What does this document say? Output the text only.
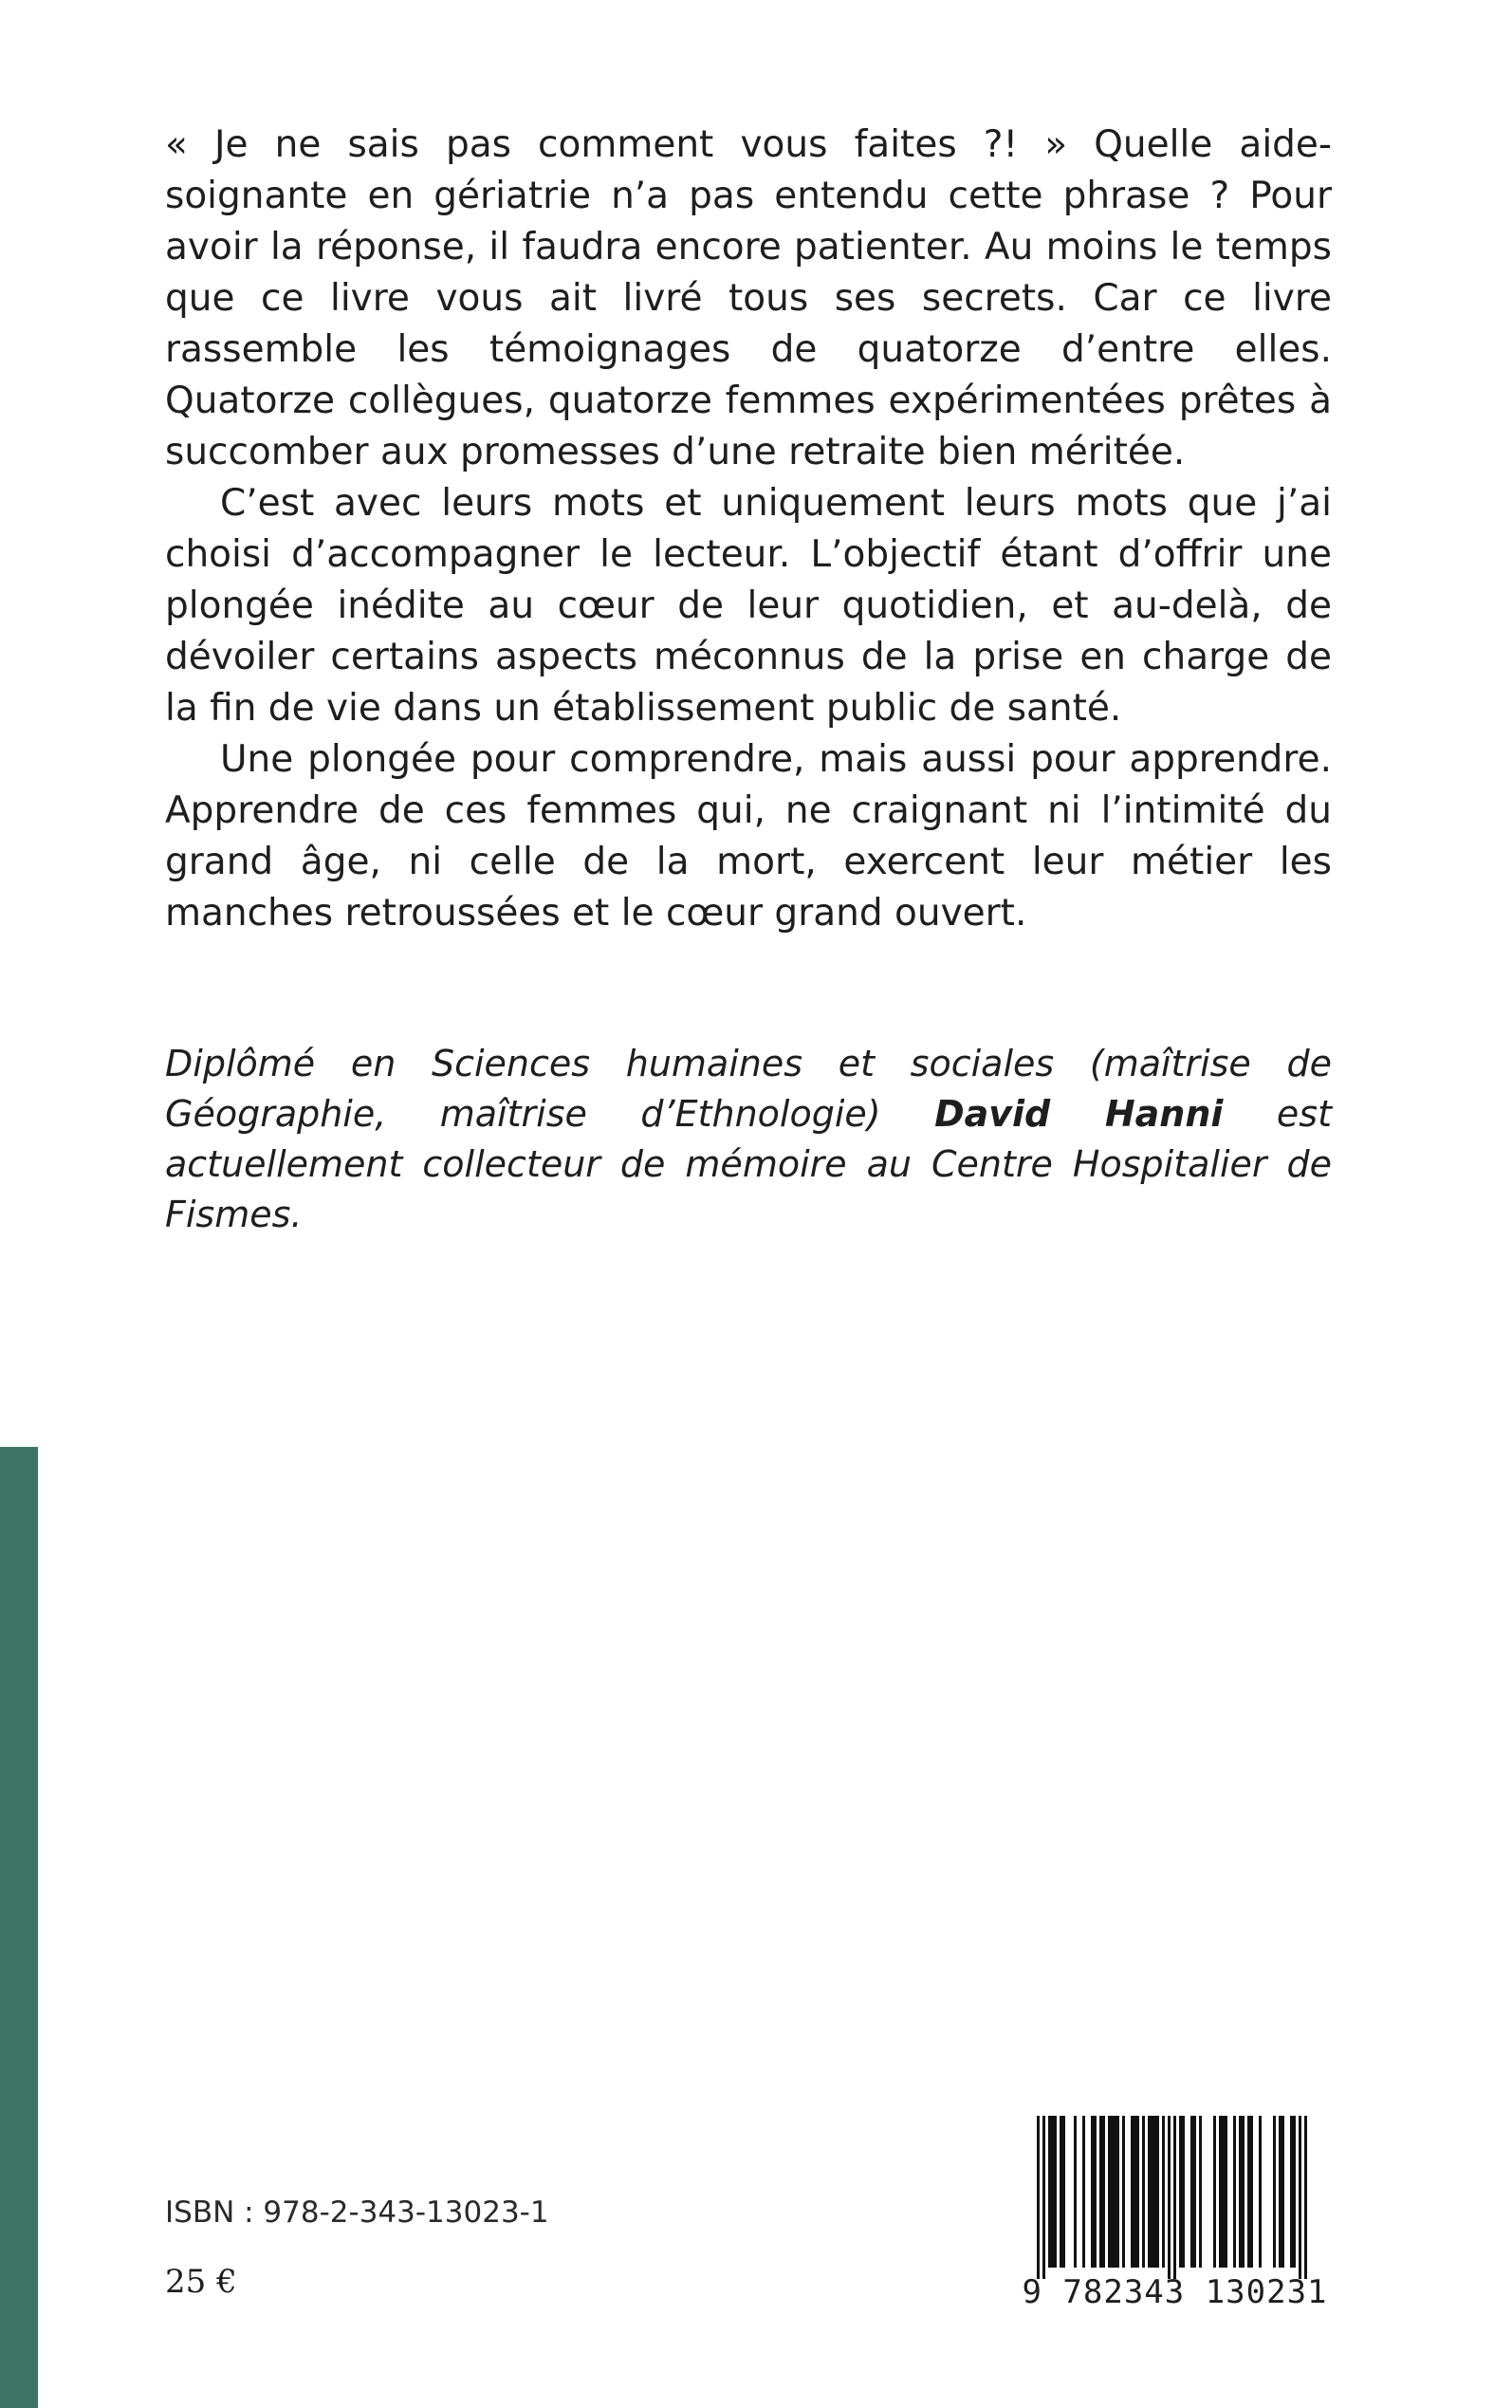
« Je ne sais pas comment vous faites ?! » Quelle aide-soignante en gériatrie n’a pas entendu cette phrase ? Pour avoir la réponse, il faudra encore patienter. Au moins le temps que ce livre vous ait livré tous ses secrets. Car ce livre rassemble les témoignages de quatorze d’entre elles. Quatorze collègues, quatorze femmes expérimentées prêtes à succomber aux promesses d’une retraite bien méritée.

C’est avec leurs mots et uniquement leurs mots que j’ai choisi d’accompagner le lecteur. L’objectif étant d’offrir une plongée inédite au cœur de leur quotidien, et au-delà, de dévoiler certains aspects méconnus de la prise en charge de la fin de vie dans un établissement public de santé.

Une plongée pour comprendre, mais aussi pour apprendre. Apprendre de ces femmes qui, ne craignant ni l’intimité du grand âge, ni celle de la mort, exercent leur métier les manches retroussées et le cœur grand ouvert.

Diplômé en Sciences humaines et sociales (maîtrise de Géographie, maîtrise d’Ethnologie) David Hanni est actuellement collecteur de mémoire au Centre Hospitalier de Fismes.

ISBN : 978-2-343-13023-1
25 €	9 782343 130231
